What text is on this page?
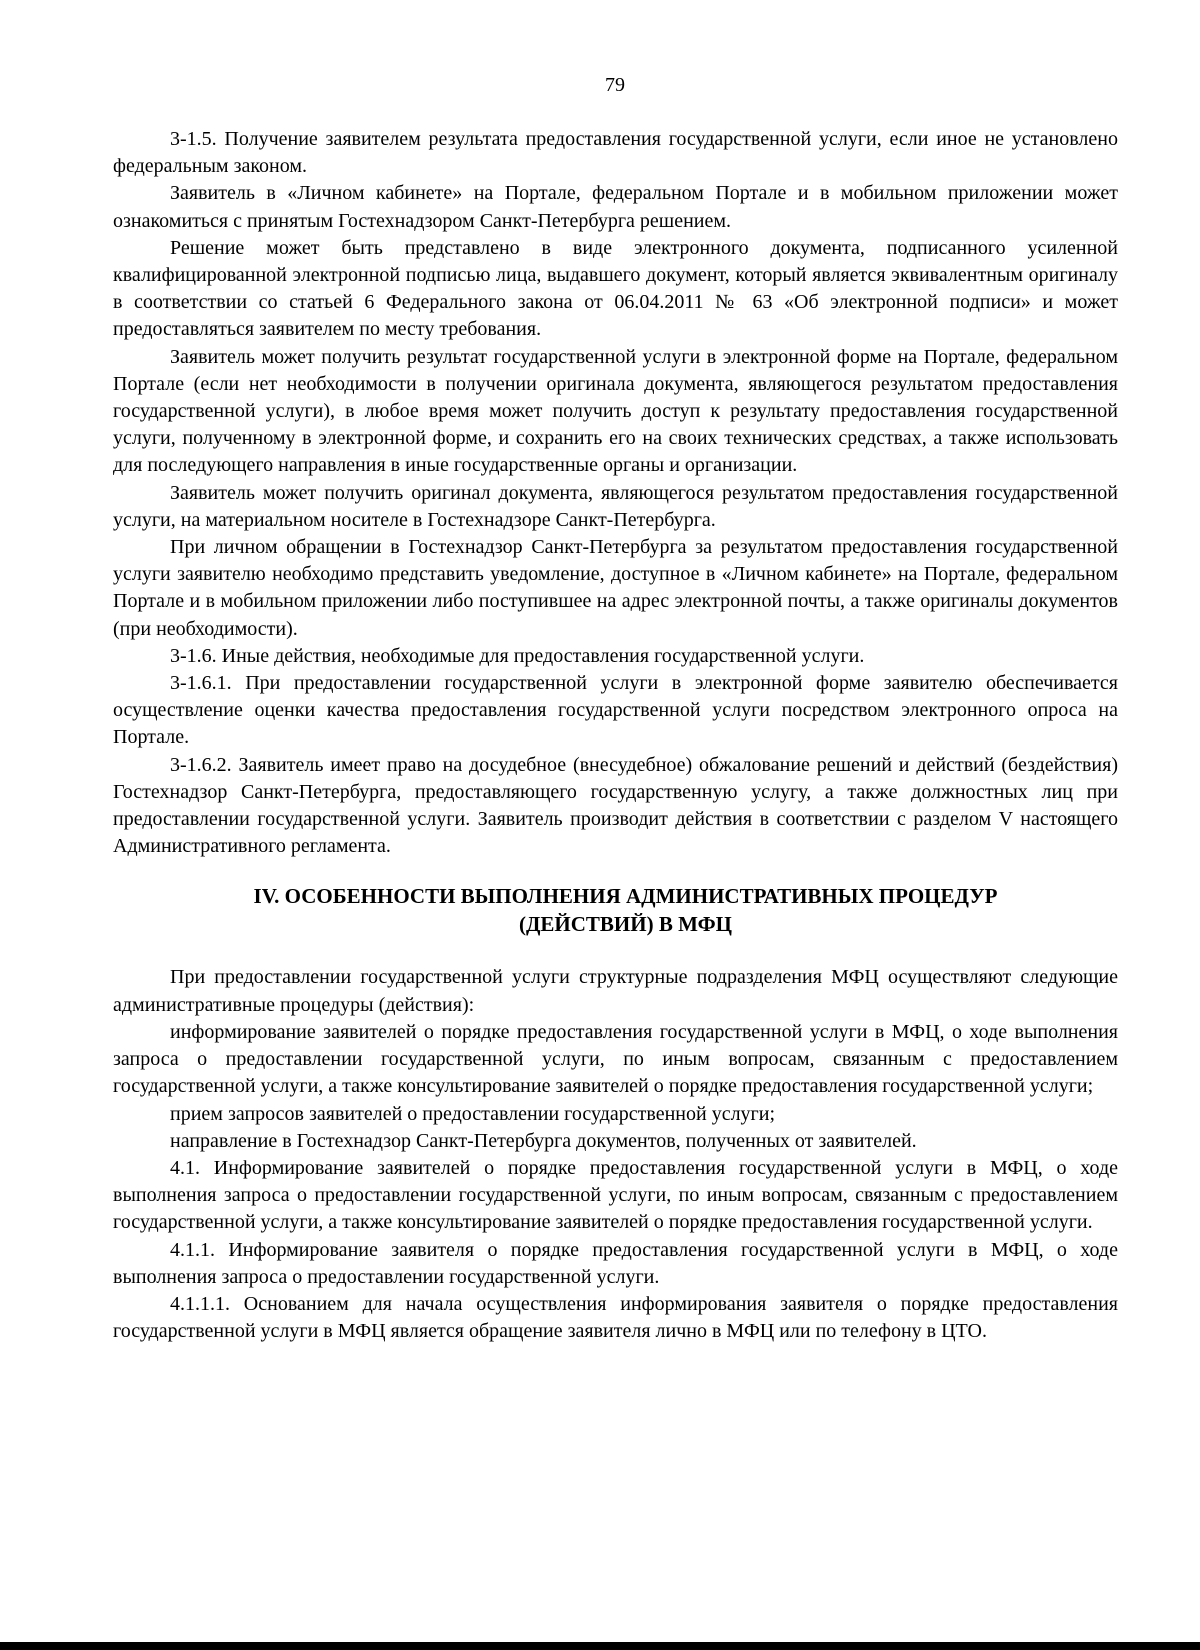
79

3-1.5. Получение заявителем результата предоставления государственной услуги, если иное не установлено федеральным законом.

Заявитель в «Личном кабинете» на Портале, федеральном Портале и в мобильном приложении может ознакомиться с принятым Гостехнадзором Санкт-Петербурга решением.

Решение может быть представлено в виде электронного документа, подписанного усиленной квалифицированной электронной подписью лица, выдавшего документ, который является эквивалентным оригиналу в соответствии со статьей 6 Федерального закона от 06.04.2011 № 63 «Об электронной подписи» и может предоставляться заявителем по месту требования.

Заявитель может получить результат государственной услуги в электронной форме на Портале, федеральном Портале (если нет необходимости в получении оригинала документа, являющегося результатом предоставления государственной услуги), в любое время может получить доступ к результату предоставления государственной услуги, полученному в электронной форме, и сохранить его на своих технических средствах, а также использовать для последующего направления в иные государственные органы и организации.

Заявитель может получить оригинал документа, являющегося результатом предоставления государственной услуги, на материальном носителе в Гостехнадзоре Санкт-Петербурга.

При личном обращении в Гостехнадзор Санкт-Петербурга за результатом предоставления государственной услуги заявителю необходимо представить уведомление, доступное в «Личном кабинете» на Портале, федеральном Портале и в мобильном приложении либо поступившее на адрес электронной почты, а также оригиналы документов (при необходимости).

3-1.6. Иные действия, необходимые для предоставления государственной услуги.

3-1.6.1. При предоставлении государственной услуги в электронной форме заявителю обеспечивается осуществление оценки качества предоставления государственной услуги посредством электронного опроса на Портале.

3-1.6.2. Заявитель имеет право на досудебное (внесудебное) обжалование решений и действий (бездействия) Гостехнадзор Санкт-Петербурга, предоставляющего государственную услугу, а также должностных лиц при предоставлении государственной услуги. Заявитель производит действия в соответствии с разделом V настоящего Административного регламента.

IV. ОСОБЕННОСТИ ВЫПОЛНЕНИЯ АДМИНИСТРАТИВНЫХ ПРОЦЕДУР
(ДЕЙСТВИЙ) В МФЦ

При предоставлении государственной услуги структурные подразделения МФЦ осуществляют следующие административные процедуры (действия):

информирование заявителей о порядке предоставления государственной услуги в МФЦ, о ходе выполнения запроса о предоставлении государственной услуги, по иным вопросам, связанным с предоставлением государственной услуги, а также консультирование заявителей о порядке предоставления государственной услуги;

прием запросов заявителей о предоставлении государственной услуги;

направление в Гостехнадзор Санкт-Петербурга документов, полученных от заявителей.

4.1. Информирование заявителей о порядке предоставления государственной услуги в МФЦ, о ходе выполнения запроса о предоставлении государственной услуги, по иным вопросам, связанным с предоставлением государственной услуги, а также консультирование заявителей о порядке предоставления государственной услуги.

4.1.1. Информирование заявителя о порядке предоставления государственной услуги в МФЦ, о ходе выполнения запроса о предоставлении государственной услуги.

4.1.1.1. Основанием для начала осуществления информирования заявителя о порядке предоставления государственной услуги в МФЦ является обращение заявителя лично в МФЦ или по телефону в ЦТО.
